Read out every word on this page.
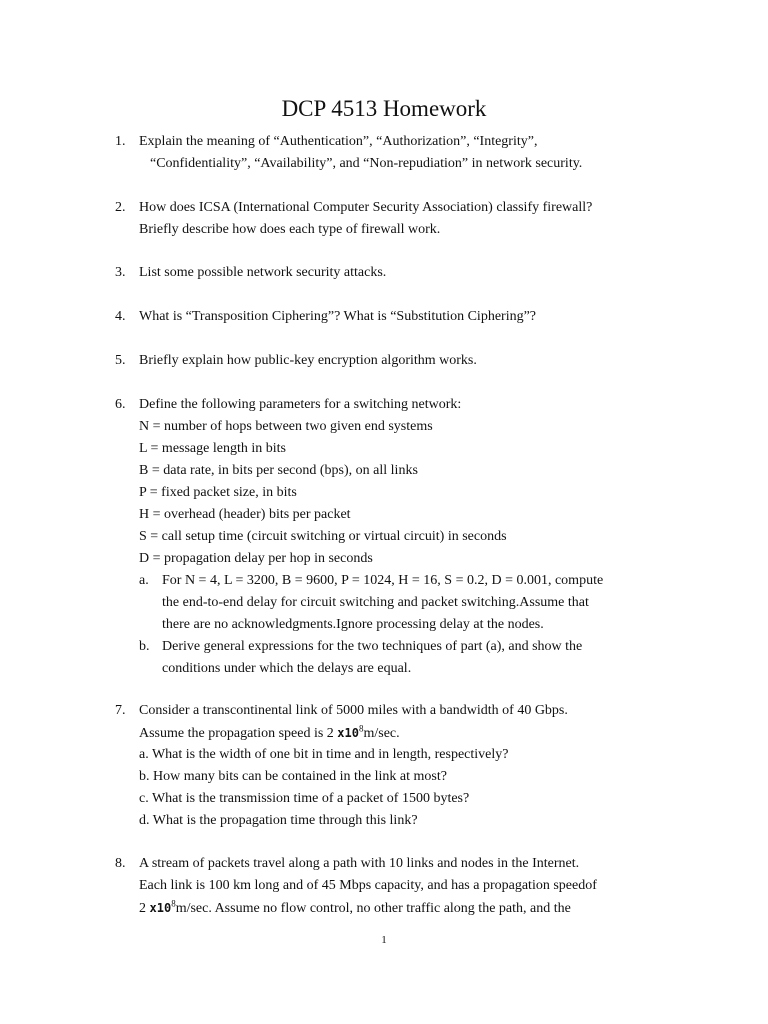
DCP 4513 Homework
1. Explain the meaning of “Authentication”, “Authorization”, “Integrity”,
“Confidentiality”, “Availability”, and “Non-repudiation” in network security.
2. How does ICSA (International Computer Security Association) classify firewall?
Briefly describe how does each type of firewall work.
3. List some possible network security attacks.
4. What is “Transposition Ciphering”? What is “Substitution Ciphering”?
5. Briefly explain how public-key encryption algorithm works.
6. Define the following parameters for a switching network:
N = number of hops between two given end systems
L = message length in bits
B = data rate, in bits per second (bps), on all links
P = fixed packet size, in bits
H = overhead (header) bits per packet
S = call setup time (circuit switching or virtual circuit) in seconds
D = propagation delay per hop in seconds
a. For N = 4, L = 3200, B = 9600, P = 1024, H = 16, S = 0.2, D = 0.001, compute
the end-to-end delay for circuit switching and packet switching.Assume that
there are no acknowledgments.Ignore processing delay at the nodes.
b. Derive general expressions for the two techniques of part (a), and show the
conditions under which the delays are equal.
7. Consider a transcontinental link of 5000 miles with a bandwidth of 40 Gbps.
Assume the propagation speed is 2 $x10^8m/\sec$.
a. What is the width of one bit in time and in length, respectively?
b. How many bits can be contained in the link at most?
c. What is the transmission time of a packet of 1500 bytes?
d. What is the propagation time through this link?
8. A stream of packets travel along a path with 10 links and nodes in the Internet.
Each link is 100 km long and of 45 Mbps capacity, and has a propagation speedof
2 $x10^8m/\sec$. Assume no flow control, no other traffic along the path, and the
1
